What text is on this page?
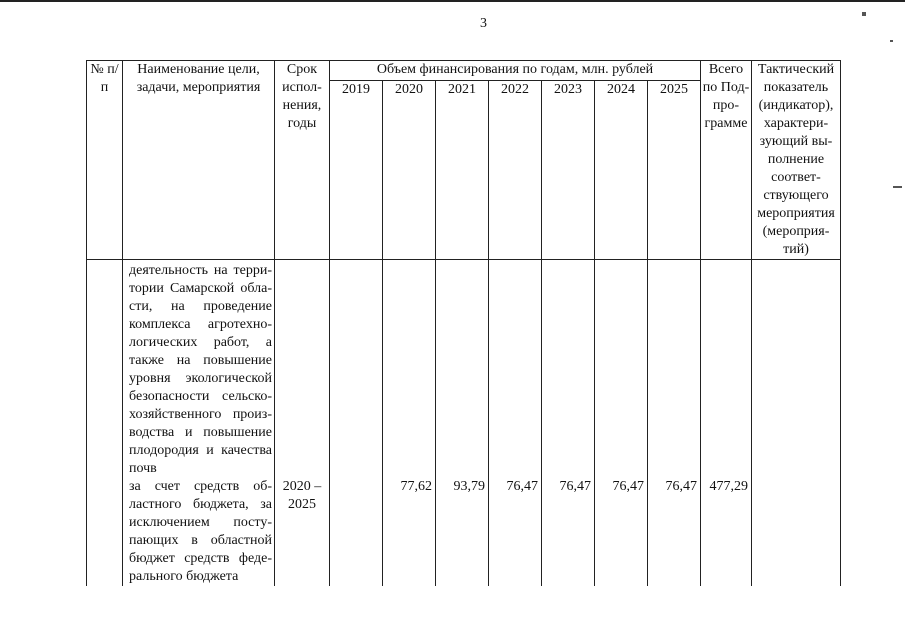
3
№ п/п	Наименование цели, задачи, мероприятия	Срок испол- нения, годы	Объем финансирования по годам, млн. рублей							Всего по Под- про- грамме	Тактический показатель (индикатор), характери- зующий вы- полнение соответ- ствующего мероприятия (мероприя- тий)
			2019	2020	2021	2022	2023	2024	2025		
	деятельность на терри- тории Самарской обла- сти, на проведение комплекса агротехно- логических работ, а также на повышение уровня экологической безопасности сельско- хозяйственного произ- водства и повышение плодородия и качества почв										
	за счет средств об- ластного бюджета, за исключением посту- пающих в областной бюджет средств феде- рального бюджета	2020 – 2025		77,62	93,79	76,47	76,47	76,47	76,47	477,29	
